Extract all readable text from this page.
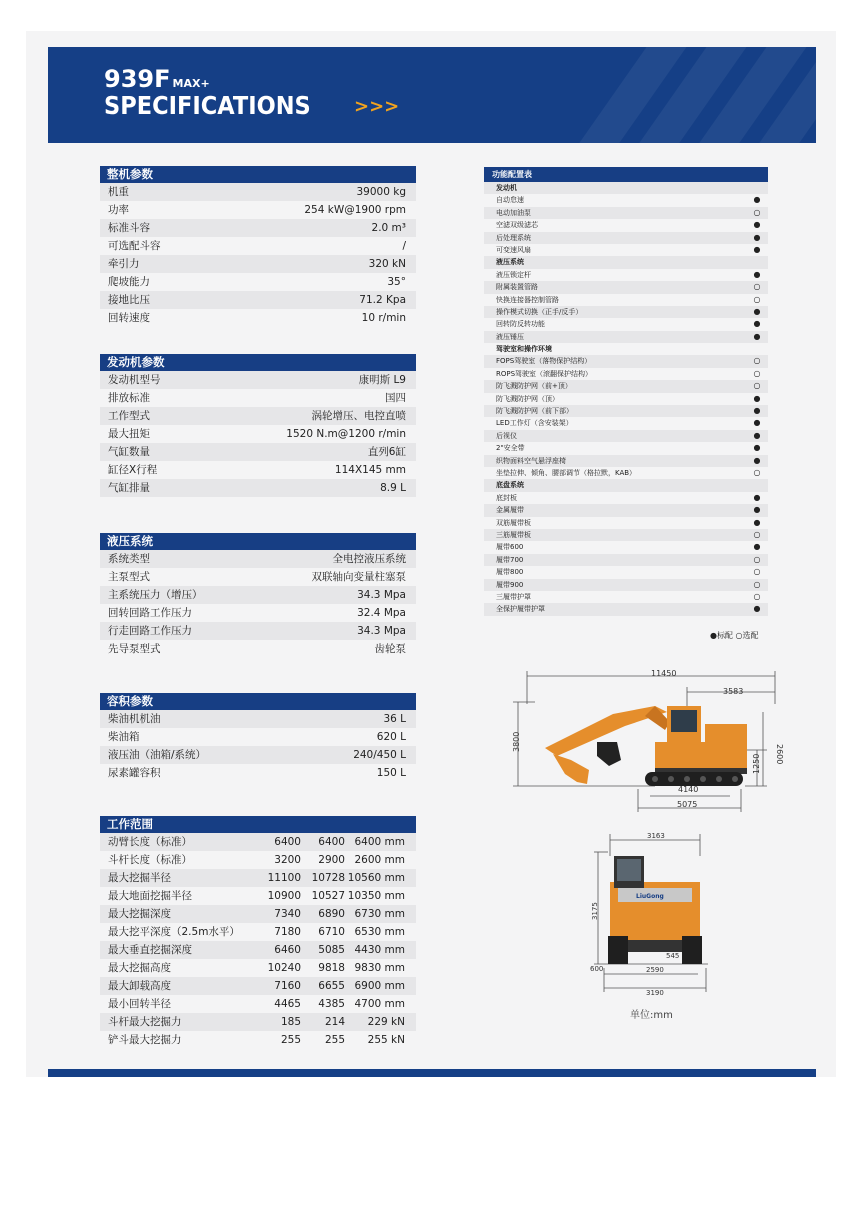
939F MAX+
SPECIFICATIONS >>>
整机参数
机重	39000 kg
功率	254 kW@1900 rpm
标准斗容	2.0 m³
可选配斗容	/
牵引力	320 kN
爬坡能力	35°
接地比压	71.2 Kpa
回转速度	10 r/min
发动机参数
发动机型号	康明斯 L9
排放标准	国四
工作型式	涡轮增压、电控直喷
最大扭矩	1520 N.m@1200 r/min
气缸数量	直列6缸
缸径X行程	114X145 mm
气缸排量	8.9 L
液压系统
系统类型	全电控液压系统
主泵型式	双联轴向变量柱塞泵
主系统压力（增压）	34.3 Mpa
回转回路工作压力	32.4 Mpa
行走回路工作压力	34.3 Mpa
先导泵型式	齿轮泵
容积参数
柴油机机油	36 L
柴油箱	620 L
液压油（油箱/系统）	240/450 L
尿素罐容积	150 L
工作范围
动臂长度（标准）	6400	6400 6400 mm
斗杆长度（标准）	3200	2900 2600 mm
最大挖掘半径	11100	10728 10560 mm
最大地面挖掘半径	10900	10527 10350 mm
最大挖掘深度	7340	6890 6730 mm
最大挖平深度（2.5m水平）	7180	6710 6530 mm
最大垂直挖掘深度	6460	5085 4430 mm
最大挖掘高度	10240	9818 9830 mm
最大卸载高度	7160	6655 6900 mm
最小回转半径	4465	4385 4700 mm
斗杆最大挖掘力	185	214	229 kN
铲斗最大挖掘力	255	255	255 kN
功能配置表
发动机
自动怠速	●
电动加油泵	○
空滤双级滤芯	●
后处理系统	●
可变速风扇	●
液压系统
液压锁定杆	●
附属装置管路	○
快换连接器控制管路	○
操作模式切换（正手/反手）	●
回转防反转功能	●
液压锤压	●
驾驶室和操作环境
FOPS驾驶室（落物保护结构）	○
ROPS驾驶室（滚翻保护结构）	○
防飞溅防护网（前+顶）	○
防飞溅防护网（顶）	●
防飞溅防护网（前下部）	●
LED工作灯（含安装架）	●
后视仪	●
2"安全带	●
织物面料空气悬浮座椅	●
坐垫拉伸、倾角、腰部调节（格拉默，KAB）	○
底盘系统
底封板	●
金属履带	●
双筋履带板	●
三筋履带板	○
履带600	●
履带700	○
履带800	○
履带900	○
三履带护罩	○
全保护履带护罩	●
●标配 ○选配
11450
3583
3800
2600
1250
4140
5075
LiuGong
3163
3175
600	2590
545
3190
单位:mm
